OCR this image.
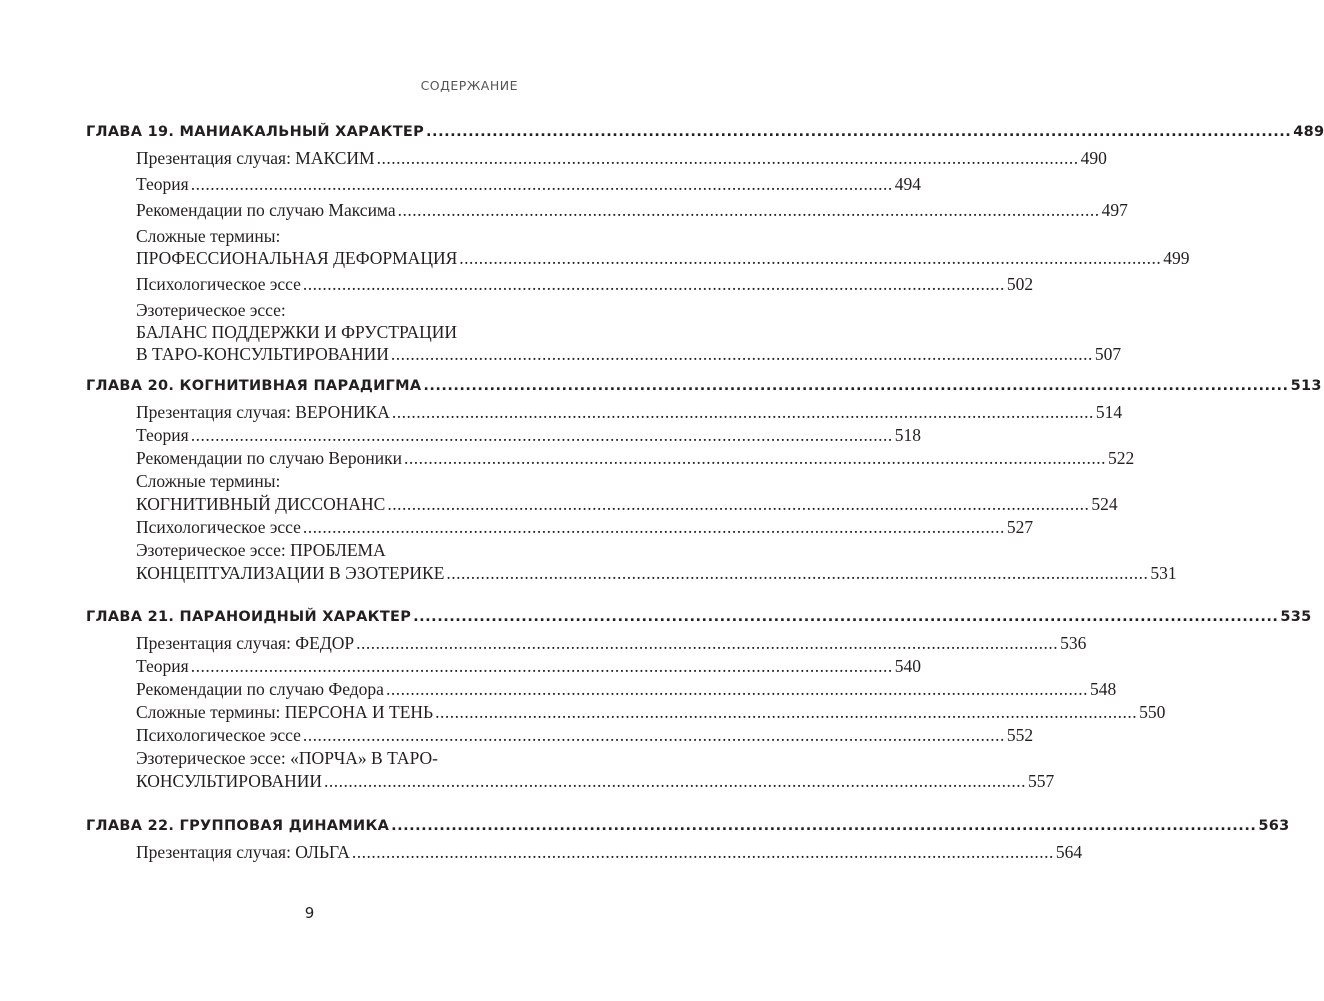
СОДЕРЖАНИЕ
ГЛАВА 19. МАНИАКАЛЬНЫЙ ХАРАКТЕР .....	489
Презентация случая: МАКСИМ .....	490
Теория .....	494
Рекомендации по случаю Максима .....	497
Сложные термины:
ПРОФЕССИОНАЛЬНАЯ ДЕФОРМАЦИЯ .....	499
Психологическое эссе .....	502
Эзотерическое эссе:
БАЛАНС ПОДДЕРЖКИ И ФРУСТРАЦИИ
В ТАРО-КОНСУЛЬТИРОВАНИИ .....	507
ГЛАВА 20. КОГНИТИВНАЯ ПАРАДИГМА .....	513
Презентация случая: ВЕРОНИКА .....	514
Теория .....	518
Рекомендации по случаю Вероники .....	522
Сложные термины:
КОГНИТИВНЫЙ ДИССОНАНС .....	524
Психологическое эссе .....	527
Эзотерическое эссе: ПРОБЛЕМА
КОНЦЕПТУАЛИЗАЦИИ В ЭЗОТЕРИКЕ .....	531
ГЛАВА 21. ПАРАНОИДНЫЙ ХАРАКТЕР .....	535
Презентация случая: ФЕДОР .....	536
Теория .....	540
Рекомендации по случаю Федора .....	548
Сложные термины: ПЕРСОНА И ТЕНЬ .....	550
Психологическое эссе .....	552
Эзотерическое эссе: «ПОРЧА» В ТАРО-
КОНСУЛЬТИРОВАНИИ .....	557
ГЛАВА 22. ГРУППОВАЯ ДИНАМИКА .....	563
Презентация случая: ОЛЬГА .....	564
9
